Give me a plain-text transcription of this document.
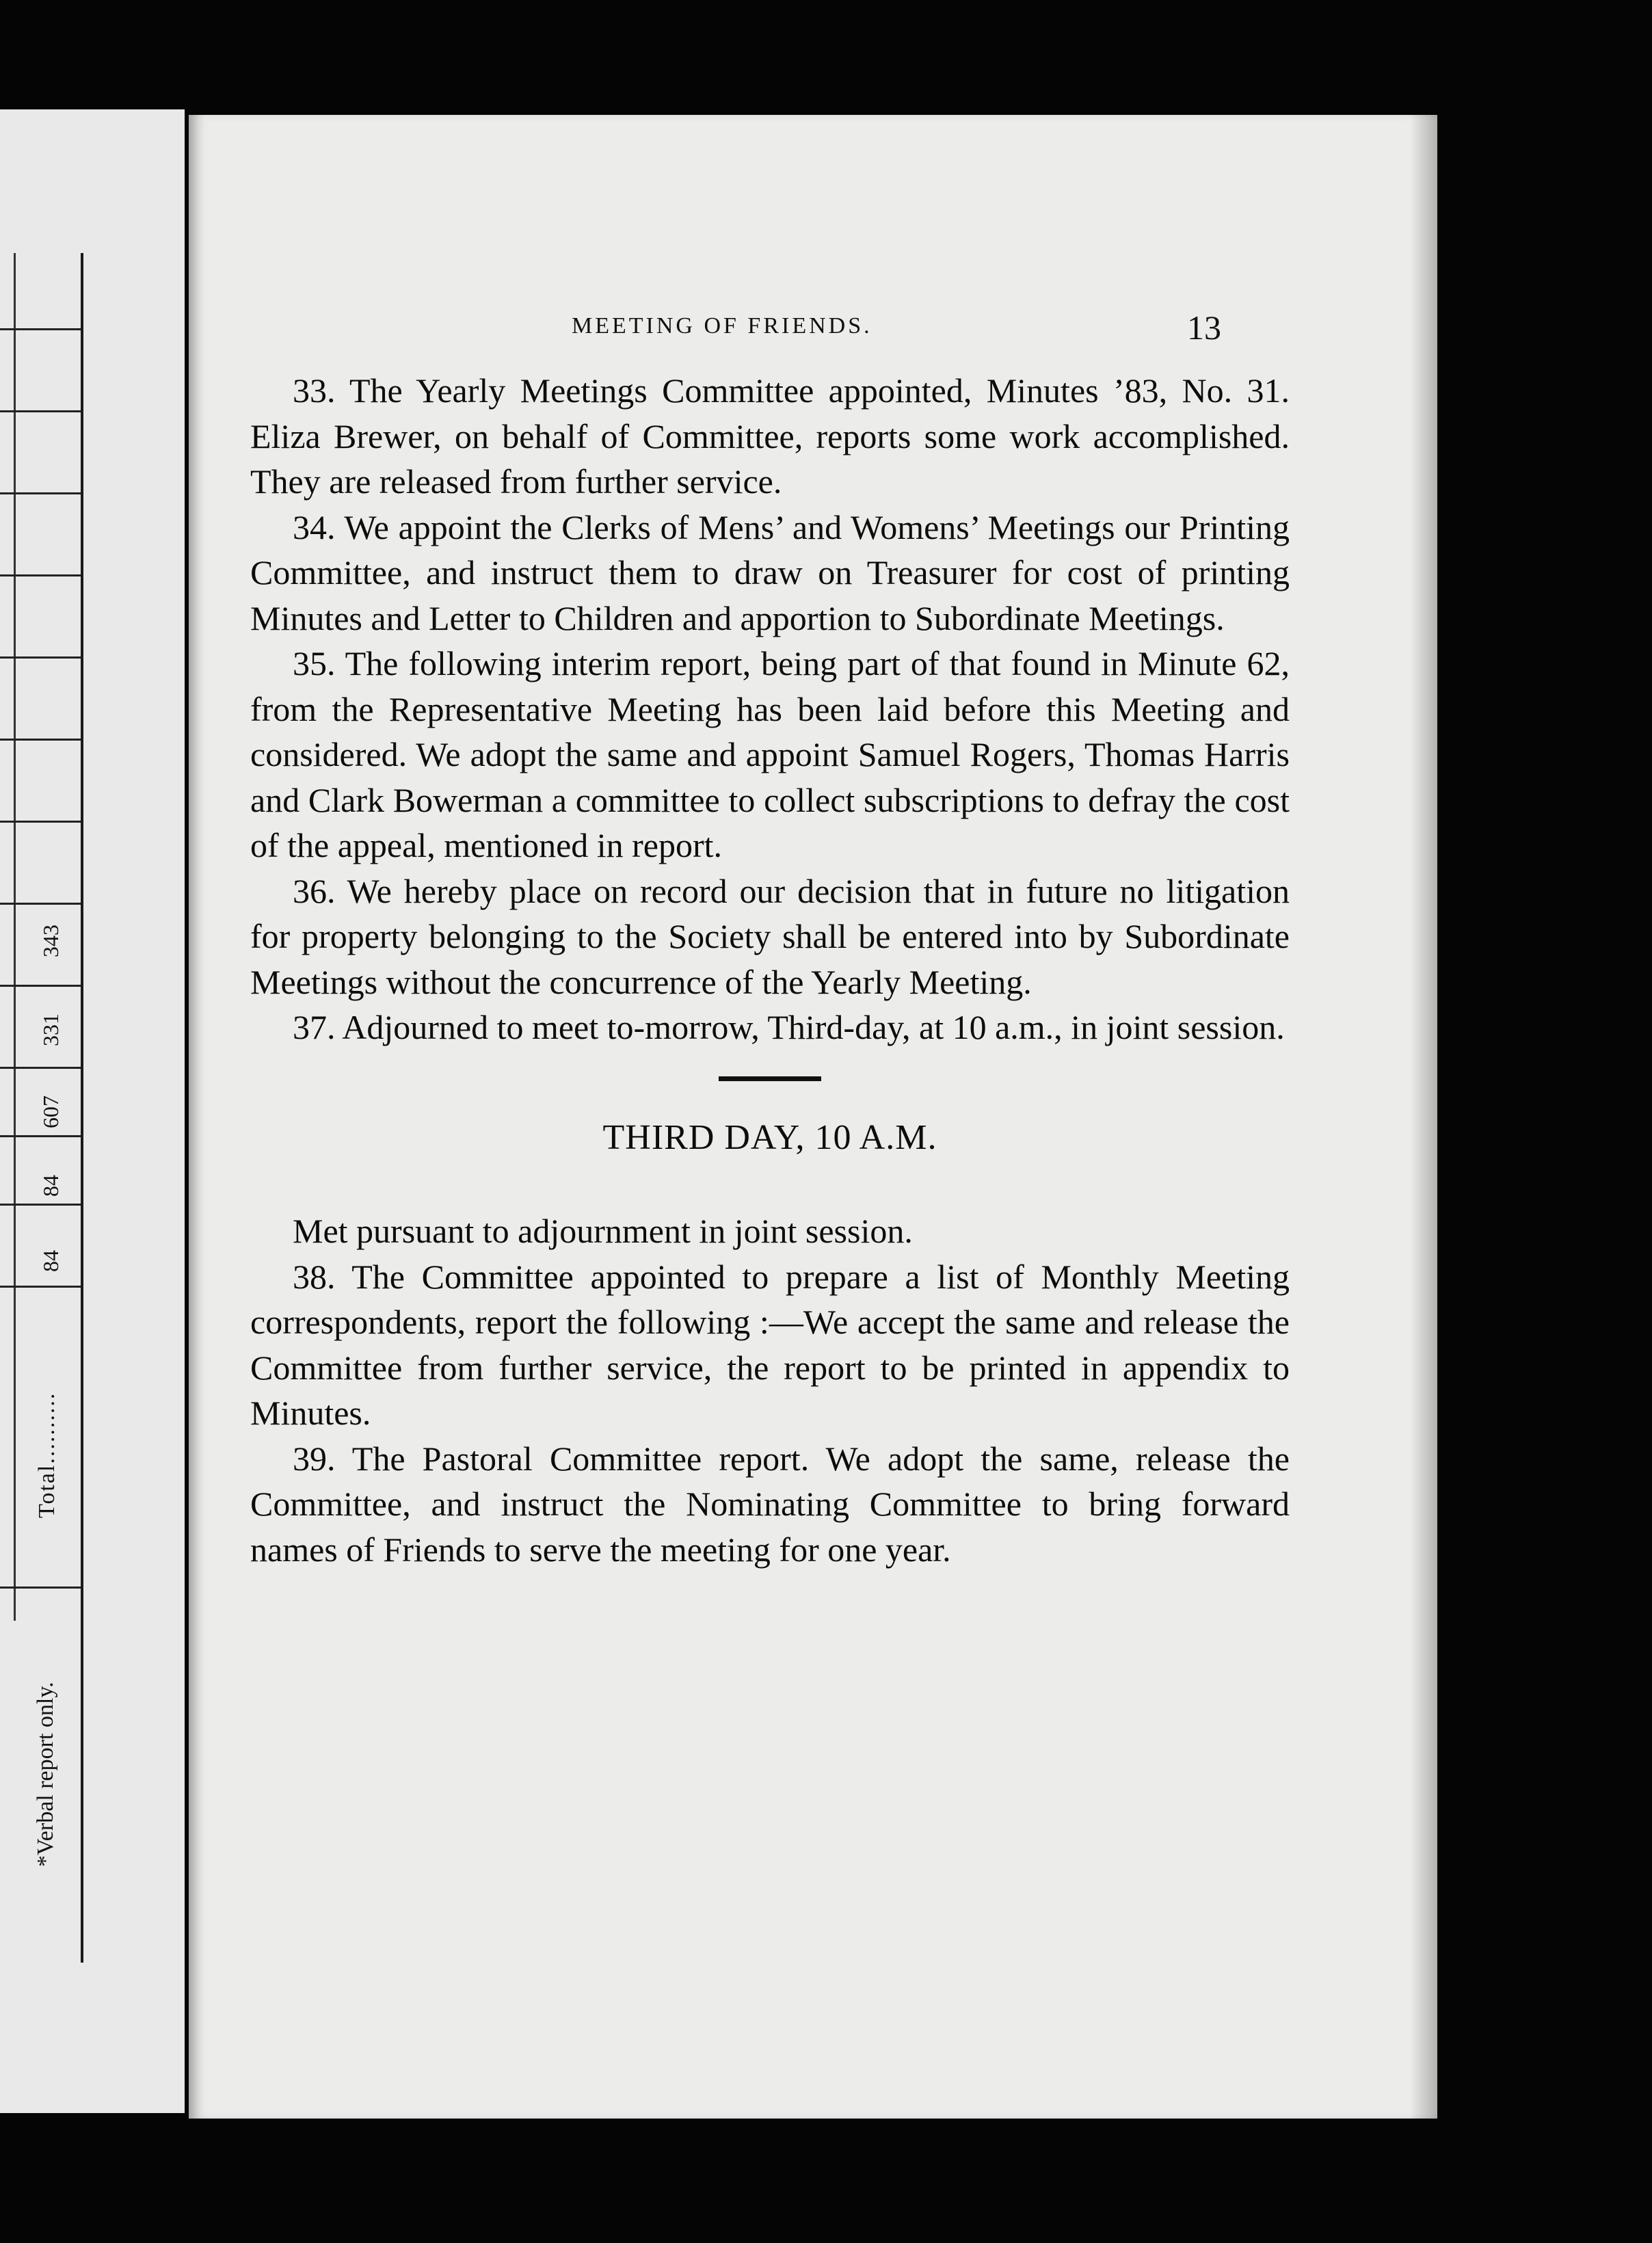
343
331
607
84
84
Total..........
*Verbal report only.
MEETING OF FRIENDS.	13

33. The Yearly Meetings Committee appointed, Minutes ’83, No. 31. Eliza Brewer, on behalf of Committee, reports some work accomplished. They are released from further service.

34. We appoint the Clerks of Mens’ and Womens’ Meetings our Printing Committee, and instruct them to draw on Treasurer for cost of printing Minutes and Letter to Children and apportion to Subordinate Meetings.

35. The following interim report, being part of that found in Minute 62, from the Representative Meeting has been laid before this Meeting and considered. We adopt the same and appoint Samuel Rogers, Thomas Harris and Clark Bowerman a committee to collect subscriptions to defray the cost of the appeal, mentioned in report.

36. We hereby place on record our decision that in future no litigation for property belonging to the Society shall be entered into by Subordinate Meetings without the concurrence of the Yearly Meeting.

37. Adjourned to meet to-morrow, Third-day, at 10 a.m., in joint session.

THIRD DAY, 10 A.M.

Met pursuant to adjournment in joint session.

38. The Committee appointed to prepare a list of Monthly Meeting correspondents, report the following :—We accept the same and release the Committee from further service, the report to be printed in appendix to Minutes.

39. The Pastoral Committee report. We adopt the same, release the Committee, and instruct the Nominating Committee to bring forward names of Friends to serve the meeting for one year.
